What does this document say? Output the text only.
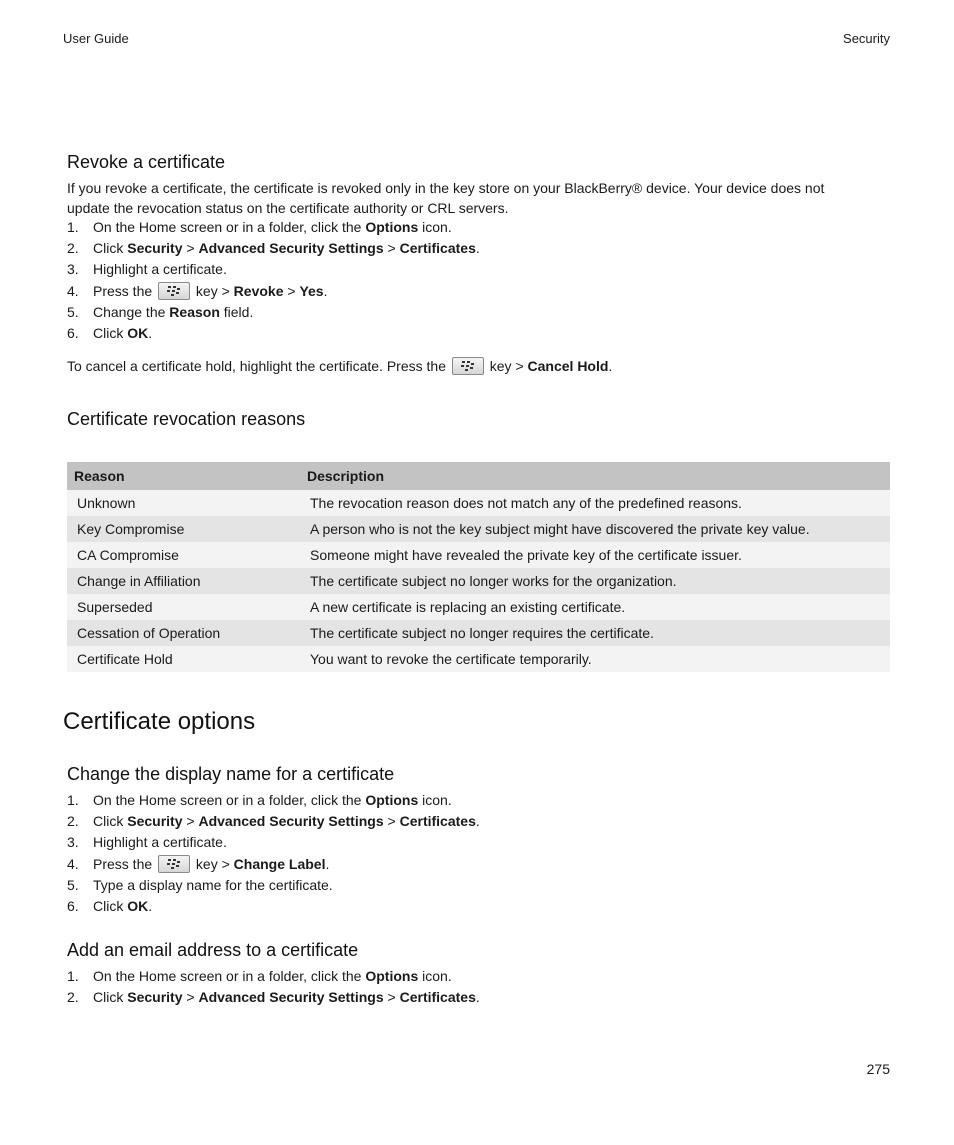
User Guide	Security
Revoke a certificate
If you revoke a certificate, the certificate is revoked only in the key store on your BlackBerry® device. Your device does not update the revocation status on the certificate authority or CRL servers.
1. On the Home screen or in a folder, click the Options icon.
2. Click Security > Advanced Security Settings > Certificates.
3. Highlight a certificate.
4. Press the	key > Revoke > Yes.
5. Change the Reason field.
6. Click OK.
To cancel a certificate hold, highlight the certificate. Press the	key > Cancel Hold.
Certificate revocation reasons
Reason	Description
Unknown	The revocation reason does not match any of the predefined reasons.
Key Compromise	A person who is not the key subject might have discovered the private key value.
CA Compromise	Someone might have revealed the private key of the certificate issuer.
Change in Affiliation	The certificate subject no longer works for the organization.
Superseded	A new certificate is replacing an existing certificate.
Cessation of Operation	The certificate subject no longer requires the certificate.
Certificate Hold	You want to revoke the certificate temporarily.
Certificate options
Change the display name for a certificate
1. On the Home screen or in a folder, click the Options icon.
2. Click Security > Advanced Security Settings > Certificates.
3. Highlight a certificate.
4. Press the	key > Change Label.
5. Type a display name for the certificate.
6. Click OK.
Add an email address to a certificate
1. On the Home screen or in a folder, click the Options icon.
2. Click Security > Advanced Security Settings > Certificates.
275
